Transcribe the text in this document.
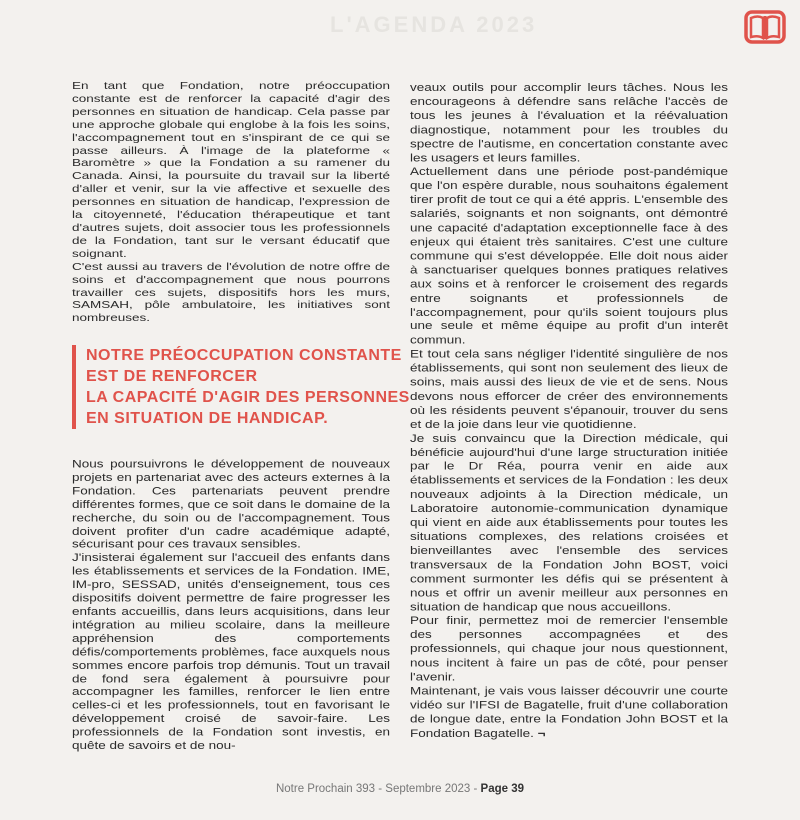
L'AGENDA 2023

En tant que Fondation, notre préoccupation constante est de renforcer la capacité d'agir des personnes en situation de handicap. Cela passe par une approche globale qui englobe à la fois les soins, l'accompagnement tout en s'inspirant de ce qui se passe ailleurs. À l'image de la plateforme « Baromètre » que la Fondation a su ramener du Canada. Ainsi, la poursuite du travail sur la liberté d'aller et venir, sur la vie affective et sexuelle des personnes en situation de handicap, l'expression de la citoyenneté, l'éducation thérapeutique et tant d'autres sujets, doit associer tous les professionnels de la Fondation, tant sur le versant éducatif que soignant.

C'est aussi au travers de l'évolution de notre offre de soins et d'accompagnement que nous pourrons travailler ces sujets, dispositifs hors les murs, SAMSAH, pôle ambulatoire, les initiatives sont nombreuses.

NOTRE PRÉOCCUPATION CONSTANTE
EST DE RENFORCER
LA CAPACITÉ D'AGIR DES PERSONNES
EN SITUATION DE HANDICAP.

Nous poursuivrons le développement de nouveaux projets en partenariat avec des acteurs externes à la Fondation. Ces partenariats peuvent prendre différentes formes, que ce soit dans le domaine de la recherche, du soin ou de l'accompagnement. Tous doivent profiter d'un cadre académique adapté, sécurisant pour ces travaux sensibles.

J'insisterai également sur l'accueil des enfants dans les établissements et services de la Fondation. IME, IM-pro, SESSAD, unités d'enseignement, tous ces dispositifs doivent permettre de faire progresser les enfants accueillis, dans leurs acquisitions, dans leur intégration au milieu scolaire, dans la meilleure appréhension des comportements défis/comportements problèmes, face auxquels nous sommes encore parfois trop démunis. Tout un travail de fond sera également à poursuivre pour accompagner les familles, renforcer le lien entre celles-ci et les professionnels, tout en favorisant le développement croisé de savoir-faire. Les professionnels de la Fondation sont investis, en quête de savoirs et de nou-

veaux outils pour accomplir leurs tâches. Nous les encourageons à défendre sans relâche l'accès de tous les jeunes à l'évaluation et la réévaluation diagnostique, notamment pour les troubles du spectre de l'autisme, en concertation constante avec les usagers et leurs familles.

Actuellement dans une période post-pandémique que l'on espère durable, nous souhaitons également tirer profit de tout ce qui a été appris. L'ensemble des salariés, soignants et non soignants, ont démontré une capacité d'adaptation exceptionnelle face à des enjeux qui étaient très sanitaires. C'est une culture commune qui s'est développée. Elle doit nous aider à sanctuariser quelques bonnes pratiques relatives aux soins et à renforcer le croisement des regards entre soignants et professionnels de l'accompagnement, pour qu'ils soient toujours plus une seule et même équipe au profit d'un interêt commun.

Et tout cela sans négliger l'identité singulière de nos établissements, qui sont non seulement des lieux de soins, mais aussi des lieux de vie et de sens. Nous devons nous efforcer de créer des environnements où les résidents peuvent s'épanouir, trouver du sens et de la joie dans leur vie quotidienne.

Je suis convaincu que la Direction médicale, qui bénéficie aujourd'hui d'une large structuration initiée par le Dr Réa, pourra venir en aide aux établissements et services de la Fondation : les deux nouveaux adjoints à la Direction médicale, un Laboratoire autonomie-communication dynamique qui vient en aide aux établissements pour toutes les situations complexes, des relations croisées et bienveillantes avec l'ensemble des services transversaux de la Fondation John BOST, voici comment surmonter les défis qui se présentent à nous et offrir un avenir meilleur aux personnes en situation de handicap que nous accueillons.

Pour finir, permettez moi de remercier l'ensemble des personnes accompagnées et des professionnels, qui chaque jour nous questionnent, nous incitent à faire un pas de côté, pour penser l'avenir.

Maintenant, je vais vous laisser découvrir une courte vidéo sur l'IFSI de Bagatelle, fruit d'une collaboration de longue date, entre la Fondation John BOST et la Fondation Bagatelle. ¬

Notre Prochain 393 - Septembre 2023 - Page 39
